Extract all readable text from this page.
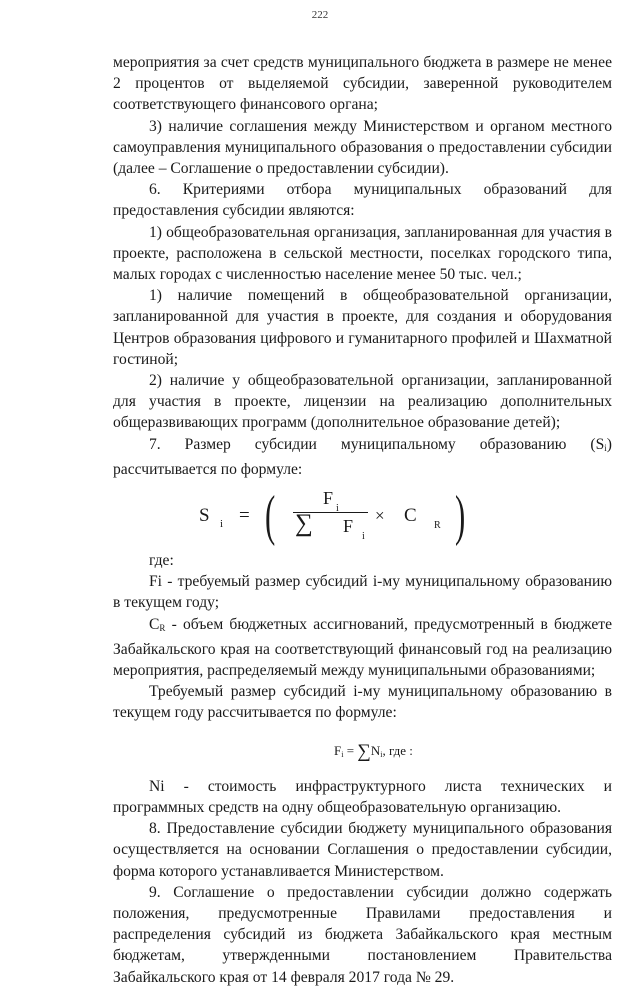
222

мероприятия за счет средств муниципального бюджета в размере не менее 2 процентов от выделяемой субсидии, заверенной руководителем соответствующего финансового органа;

3) наличие соглашения между Министерством и органом местного самоуправления муниципального образования о предоставлении субсидии (далее – Соглашение о предоставлении субсидии).

6. Критериями отбора муниципальных образований для предоставления субсидии являются:

1) общеобразовательная организация, запланированная для участия в проекте, расположена в сельской местности, поселках городского типа, малых городах с численностью население менее 50 тыс. чел.;

1) наличие помещений в общеобразовательной организации, запланированной для участия в проекте, для создания и оборудования Центров образования цифрового и гуманитарного профилей и Шахматной гостиной;

2) наличие у общеобразовательной организации, запланированной для участия в проекте, лицензии на реализацию дополнительных общеразвивающих программ (дополнительное образование детей);

7. Размер субсидии муниципальному образованию $(S_i)$ рассчитывается по формуле:

S i = (	F
i
∑ F
i
× C R )

где:

Fi - требуемый размер субсидий i-му муниципальному образованию в текущем году;

$C_R$ - объем бюджетных ассигнований, предусмотренный в бюджете Забайкальского края на соответствующий финансовый год на реализацию мероприятия, распределяемый между муниципальными образованиями;

Требуемый размер субсидий i-му муниципальному образованию в текущем году рассчитывается по формуле:

Fi = ∑Ni, где :

Ni - стоимость инфраструктурного листа технических и программных средств на одну общеобразовательную организацию.

8. Предоставление субсидии бюджету муниципального образования осуществляется на основании Соглашения о предоставлении субсидии, форма которого устанавливается Министерством.

9. Соглашение о предоставлении субсидии должно содержать положения, предусмотренные Правилами предоставления и распределения субсидий из бюджета Забайкальского края местным бюджетам, утвержденными постановлением Правительства Забайкальского края от 14 февраля 2017 года № 29.
